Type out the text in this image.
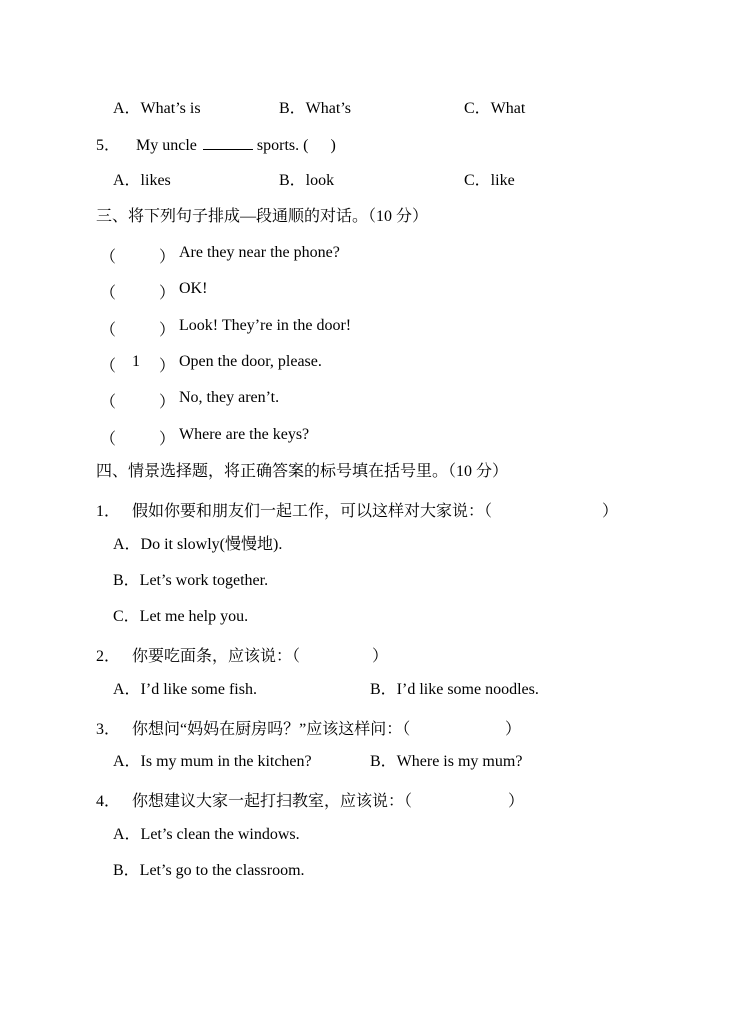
A．What’s is	B．What’s	C．What
5． My uncle	sports. ( )
A．likes	B．look	C．like
三、将下列句子排成—段通顺的对话。（10 分）
（	） Are they near the phone?
（	） OK!
（	） Look! They’re in the door!
（ 1 ） Open the door, please.
（	） No, they aren’t.
（	） Where are the keys?
四、情景选择题，将正确答案的标号填在括号里。（10 分）
1． 假如你要和朋友们一起工作，可以这样对大家说：（	）
A．Do it slowly(慢慢地).
B．Let’s work together.
C．Let me help you.
2． 你要吃面条，应该说：（	）
A．I’d like some fish.	B．I’d like some noodles.
3． 你想问“妈妈在厨房吗？”应该这样问：（	）
A．Is my mum in the kitchen?	B．Where is my mum?
4． 你想建议大家一起打扫教室，应该说：（	）
A．Let’s clean the windows.
B．Let’s go to the classroom.
